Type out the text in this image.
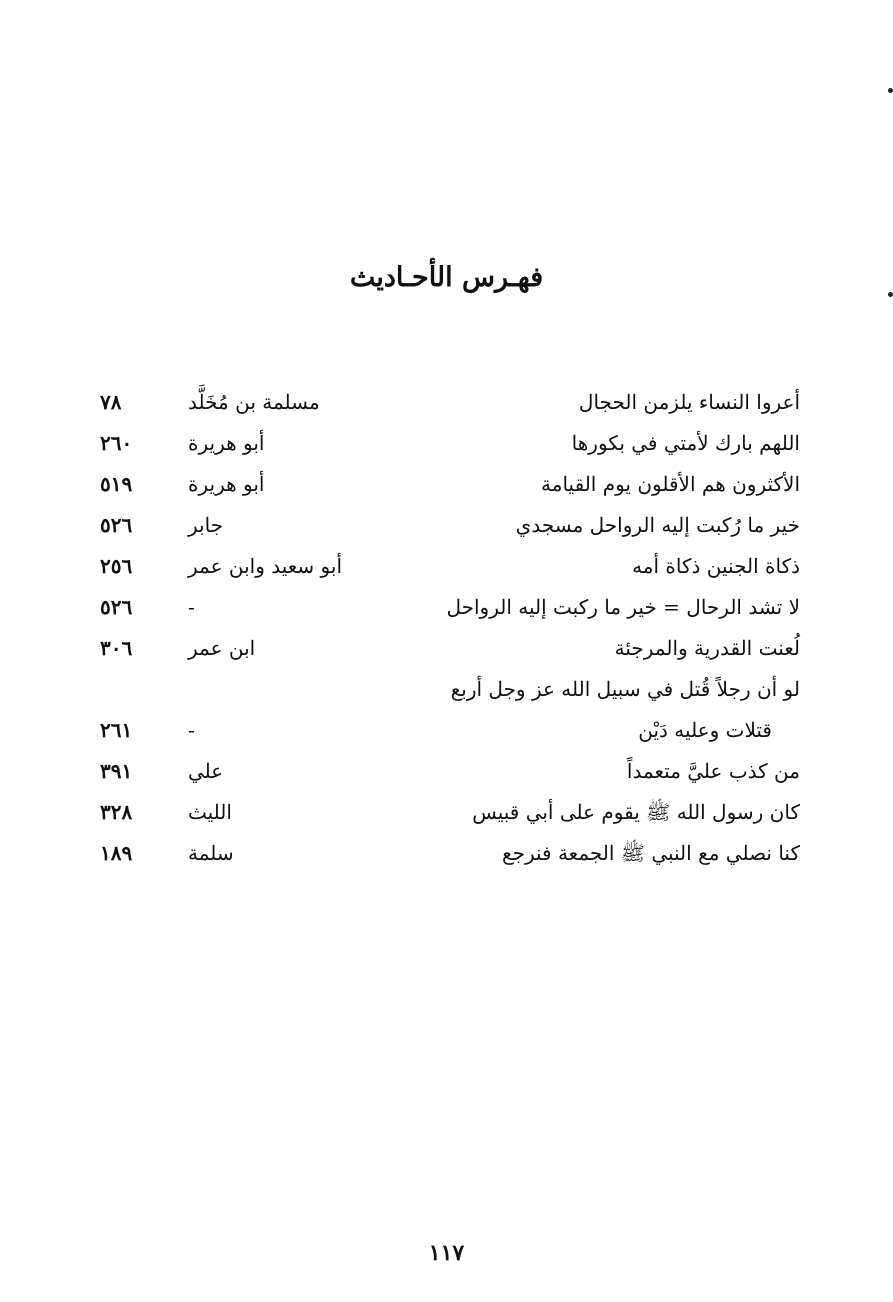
فهـرس الأحـاديث
أعروا النساء يلزمن الحجال
مسلمة بن مُخَلَّد
٧٨
اللهم بارك لأمتي في بكورها
أبو هريرة
٢٦٠
الأكثرون هم الأقلون يوم القيامة
أبو هريرة
٥١٩
خير ما رُكبت إليه الرواحل مسجدي
جابر
٥٢٦
ذكاة الجنين ذكاة أمه
أبو سعيد وابن عمر
٢٥٦
لا تشد الرحال = خير ما ركبت إليه الرواحل
-
٥٢٦
لُعنت القدرية والمرجئة
ابن عمر
٣٠٦
لو أن رجلاً قُتل في سبيل الله عز وجل أربع
قتلات وعليه دَيْن
-
٢٦١
من كذب عليَّ متعمداً
علي
٣٩١
كان رسول الله ﷺ يقوم على أبي قبيس
الليث
٣٢٨
كنا نصلي مع النبي ﷺ الجمعة فنرجع
سلمة
١٨٩
١١٧
